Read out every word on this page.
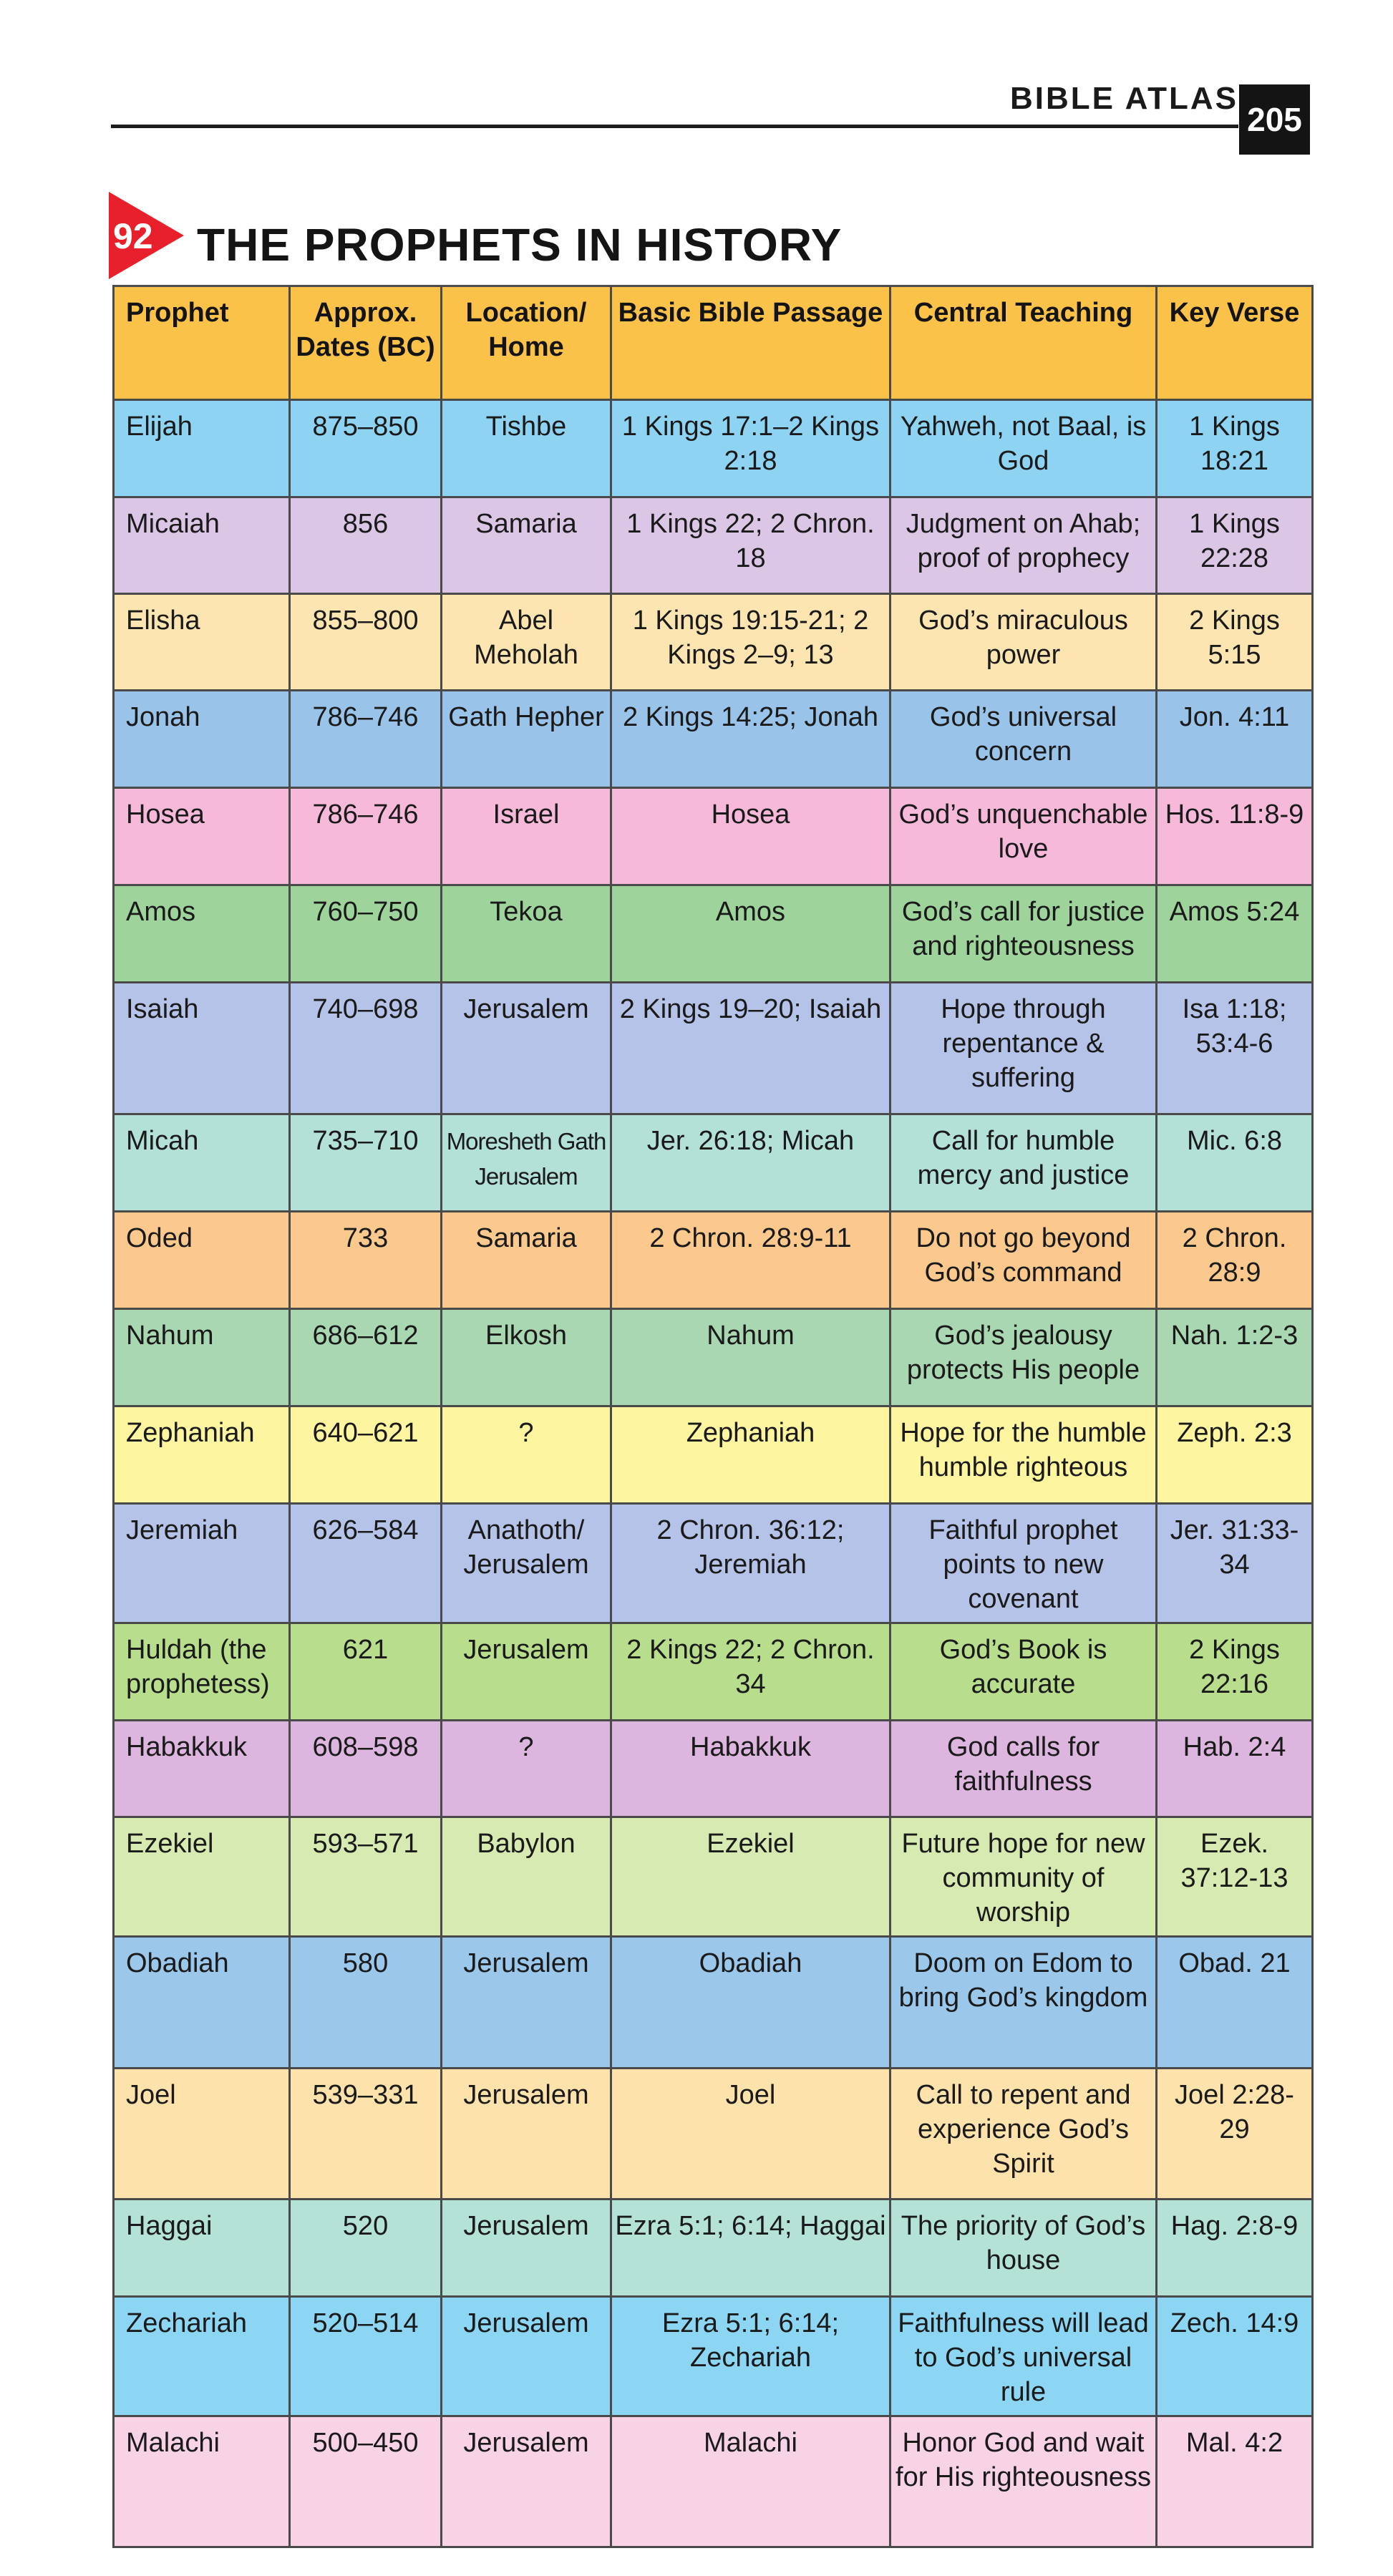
BIBLE ATLAS
205
92 THE PROPHETS IN HISTORY
Prophet	Approx. Dates (BC)	Location/ Home	Basic Bible Passage	Central Teaching	Key Verse
Elijah	875–850	Tishbe	1 Kings 17:1–2 Kings 2:18	Yahweh, not Baal, is God	1 Kings 18:21
Micaiah	856	Samaria	1 Kings 22; 2 Chron. 18	Judgment on Ahab; proof of prophecy	1 Kings 22:28
Elisha	855–800	Abel Meholah	1 Kings 19:15-21; 2 Kings 2–9; 13	God’s miraculous power	2 Kings 5:15
Jonah	786–746	Gath Hepher	2 Kings 14:25; Jonah	God’s universal concern	Jon. 4:11
Hosea	786–746	Israel	Hosea	God’s unquenchable love	Hos. 11:8-9
Amos	760–750	Tekoa	Amos	God’s call for justice and righteousness	Amos 5:24
Isaiah	740–698	Jerusalem	2 Kings 19–20; Isaiah	Hope through repentance & suffering	Isa 1:18; 53:4-6
Micah	735–710	Moresheth Gath Jerusalem	Jer. 26:18; Micah	Call for humble mercy and justice	Mic. 6:8
Oded	733	Samaria	2 Chron. 28:9-11	Do not go beyond God’s command	2 Chron. 28:9
Nahum	686–612	Elkosh	Nahum	God’s jealousy protects His people	Nah. 1:2-3
Zephaniah	640–621	?	Zephaniah	Hope for the humble humble righteous	Zeph. 2:3
Jeremiah	626–584	Anathoth/ Jerusalem	2 Chron. 36:12; Jeremiah	Faithful prophet points to new covenant	Jer. 31:33-34
Huldah (the prophetess)	621	Jerusalem	2 Kings 22; 2 Chron. 34	God’s Book is accurate	2 Kings 22:16
Habakkuk	608–598	?	Habakkuk	God calls for faithfulness	Hab. 2:4
Ezekiel	593–571	Babylon	Ezekiel	Future hope for new community of worship	Ezek. 37:12-13
Obadiah	580	Jerusalem	Obadiah	Doom on Edom to bring God’s kingdom	Obad. 21
Joel	539–331	Jerusalem	Joel	Call to repent and experience God’s Spirit	Joel 2:28-29
Haggai	520	Jerusalem	Ezra 5:1; 6:14; Haggai	The priority of God’s house	Hag. 2:8-9
Zechariah	520–514	Jerusalem	Ezra 5:1; 6:14; Zechariah	Faithfulness will lead to God’s universal rule	Zech. 14:9
Malachi	500–450	Jerusalem	Malachi	Honor God and wait for His righteousness	Mal. 4:2
